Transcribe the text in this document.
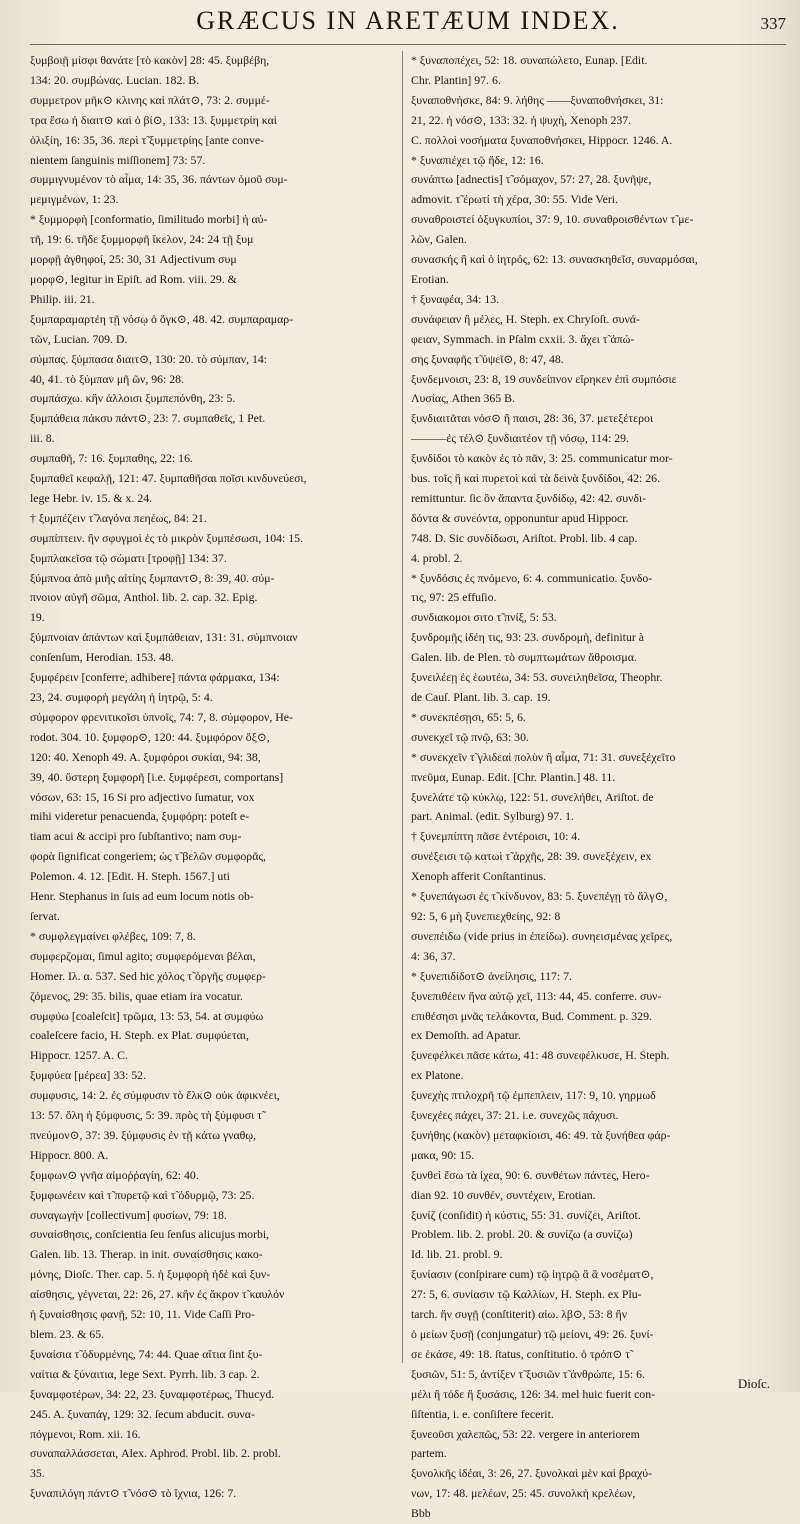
GRÆCUS IN ARETÆUM INDEX.	337
ξυμβοιῇ μίσφι θανάτε [τὸ κακὸν] 28: 45. ξυμβέβη,
134: 20. συμβώνας. Lucian. 182. B.
συμμετρον μῆκ⊙ κλινης καὶ πλάτ⊙, 73: 2. συμμέ-
τρα ἔσω ἡ διαιτ⊙ καὶ ὁ βί⊙, 133: 13. ξυμμετρίη καὶ
ὀλιξίη, 16: 35, 36. περὶ τ̃ ξυμμετρίης [ante conve-
nientem ſanguinis miſſionem] 73: 57.
συμμιγνυμένον τὸ αἷμα, 14: 35, 36. πάντων ὁμοῦ συμ-
μεμιγμένων, 1: 23.
* ξυμμορφὴ [conformatio, ſimilitudo morbi] ἡ αὐ-
τῆ, 19: 6. τῆδε ξυμμορφῆ ἴκελον, 24: 24 τῇ ξυμ
μορφῇ ἀγθηφοί, 25: 30, 31 Adjectivum συμ
μορφ⊙, legitur in Epiſt. ad Rom. viii. 29. &
Philip. iii. 21.
ξυμπαραμαρτέη τῇ νόσῳ ὁ ὄγκ⊙, 48. 42. συμπαραμαρ-
τῶν, Lucian. 709. D.
σύμπας. ξύμπασα διαιτ⊙, 130: 20. τὸ σύμπαν, 14:
40, 41. τὸ ξύμπαν μῆ ῶν, 96: 28.
συμπάσχω. κἢν ἀλλοισι ξυμπεπόνθη, 23: 5.
ξυμπάθεια πάκσυ πάντ⊙, 23: 7. συμπαθεῖς, 1 Pet.
iii. 8.
συμπαθῆ, 7: 16. ξυμπαθης, 22: 16.
ξυμπαθεῖ κεφαλῇ, 121: 47. ξυμπαθῆσαι ποῖσι κινδυνεύεσι,
lege Hebr. iv. 15. & x. 24.
† ξυμπέζειν τ̃ λαγόνα πεηέως, 84: 21.
συμπίπτειν. ἢν σφυγμοὶ ἐς τὸ μικρὸν ξυμπέσωσι, 104: 15.
ξυμπλακεῖσα τῷ σώματι [τροφῇ] 134: 37.
ξύμπνοα ἀπὸ μιῆς αἰτίης ξυμπαντ⊙, 8: 39, 40. σύμ-
πνοιον αὐγῆ σῶμα, Anthol. lib. 2. cap. 32. Epig.
19.
ξύμπνοιαν ἁπάντων καὶ ξυμπάθειαν, 131: 31. σύμπνοιαν
conſenſum, Herodian. 153. 48.
ξυμφέρειν [conferre, adhibere] πάντα φάρμακα, 134:
23, 24. συμφορὴ μεγάλη ἡ ἰητρῷ, 5: 4.
σύμφορον φρενιτικοῖσι ὑπνοῖς, 74: 7, 8. σύμφορον, He-
rodot. 304. 10. ξυμφορ⊙, 120: 44. ξυμφόρον ὄξ⊙,
120: 40. Xenoph 49. A. ξυμφόροι συκίαι, 94: 38,
39, 40. ὕστερη ξυμφορῆ [i.e. ξυμφέρεσι, comportans]
νόσων, 63: 15, 16 Si pro adjectivo ſumatur, vox
mihi videretur penacuenda, ξυμφόρη: poteſt e-
tiam acui & accipi pro ſubſtantivo; nam συμ-
φορὰ ſignificat congeriem; ὡς τ̃ βελῶν συμφορᾶς,
Polemon. 4. 12. [Edit. H. Steph. 1567.] uti
Henr. Stephanus in ſuis ad eum locum notis ob-
ſervat.
* συμφλεγμαίνει φλέβες, 109: 7, 8.
συμφερζομαι, ſimul agito; συμφερόμεναι βέλαι,
Homer. Iλ. α. 537. Sed hic χόλος τ̃ ὀργῆς συμφερ-
ζόμενος, 29: 35. bilis, quae etiam ira vocatur.
συμφύω [coaleſcit] τρῶμα, 13: 53, 54. at συμφύω
coaleſcere facio, H. Steph. ex Plat. συμφύεται,
Hippocr. 1257. A. C.
ξυμφύεα [μέρεα] 33: 52.
συμφυσις, 14: 2. ἐς σύμφυσιν τὸ ἕλκ⊙ οὐκ ἀφικνέει,
13: 57. ὅλη ἡ ξύμφυσις, 5: 39. πρὸς τὴ ξύμφυσι τ̃
πνεύμον⊙, 37: 39. ξύμφυσις ἐν τῇ κάτω γναθῳ,
Hippocr. 800. A.
ξυμφων⊙ γνῆα αἱμοῤῥαγίη, 62: 40.
ξυμφωνέειν καὶ τ̃ πυρετῷ καὶ τ̃ ὀδυρμῷ, 73: 25.
συναγωγὴν [collectivum] φυσίων, 79: 18.
συναίσθησις, conſcientia ſeu ſenſus alicujus morbi,
Galen. lib. 13. Therap. in init. συναίσθησις κακο-
μόνης, Dioſc. Ther. cap. 5. ἡ ξυμφορὴ ἠδὲ καὶ ξυν-
αίσθησις, γέγνεται, 22: 26, 27. κἢν ἐς ἄκρον τ̃ καυλόν
ἡ ξυναίσθησις φανῇ, 52: 10, 11. Vide Caſſi Pro-
blem. 23. & 65.
ξυναίσια τ̃ ὀδυρμένης, 74: 44. Quae αἴτια ſint ξυ-
ναίτια & ξύναιτια, lege Sext. Pyrrh. lib. 3 cap. 2.
ξυναμφοτέρων, 34: 22, 23. ξυναμφοτέρως, Thucyd.
245. A. ξυναπάγ, 129: 32. ſecum abducit. συνα-
πόγμενοι, Rom. xii. 16.
συναπαλλάσσεται, Alex. Aphrod. Probl. lib. 2. probl.
35.
ξυναπιλόγη πάντ⊙ τ̃ νόσ⊙ τὸ ἴχνια, 126: 7.
* ξυναποπέχει, 52: 18. συναπώλετο, Eunap. [Edit.
Chr. Plantin] 97. 6.
ξυναποθνήσκε, 84: 9. λήθης ——ξυναποθνήσκει, 31:
21, 22. ἡ νόσ⊙, 133: 32. ἡ ψυχὴ, Xenoph 237.
C. πολλοὶ νοσήματα ξυναποθνήσκει, Hippocr. 1246. A.
* ξυναπιέχει τῷ ἥδε, 12: 16.
συνάπτω [adnectis] τ̃ σόμαχον, 57: 27, 28. ξυνῆψε,
admovit. τ̃ ἐρωτί τὴ χέρα, 30: 55. Vide Veri.
συναθροιστεί ὀξυγκυπίοι, 37: 9, 10. συναθροισθέντων τ̃ με-
λῶν, Galen.
συνασκής ἢ καὶ ὁ ἰητρός, 62: 13. συνασκηθεῖσ, συναρμόσαι,
Erotian.
† ξυναφέα, 34: 13.
συνάφειαν ἢ μέλες, H. Steph. ex Chryſoſt. συνά-
φειαν, Symmach. in Pſalm cxxii. 3. ἄχει τ̃ ἀπώ-
σης ξυναφῆς τ̃ ὑψεῖ⊙, 8: 47, 48.
ξυνδεμνοισι, 23: 8, 19 συνδείπνον εἴρηκεν ἐπὶ συμπόσιε
Λυσίας, Athen 365 B.
ξυνδιαιτᾶται νόσ⊙ ἢ παισι, 28: 36, 37. μετεξέτεροι
———ἐς τέλ⊙ ξυνδιαιτέον τῇ νόσῳ, 114: 29.
ξυνδίδοι τὸ κακὸν ἐς τὸ πᾶν, 3: 25. communicatur mor-
bus. τοῖς ἢ καὶ πυρετοὶ καὶ τὰ δεινὰ ξυνδίδοι, 42: 26.
remittuntur. ſic ὃν ἄπαντα ξυνδίδῳ, 42: 42. συνδι-
δόντα & συνεόντα, opponuntur apud Hippocr.
748. D. Sic συνδίδωσι, Ariſtot. Probl. lib. 4 cap.
4. probl. 2.
* ξυνδόσις ἐς πνόμενο, 6: 4. communicatio. ξυνδο-
τις, 97: 25 effuſio.
συνδιακομοι σιτο τ̃ πνίξ, 5: 53.
ξυνδρομῆς ἰδέη τις, 93: 23. συνδρομὴ, definitur à
Galen. lib. de Plen. τὸ συμπτωμάτων ἄθροισμα.
ξυνειλέεῃ ἐς ἑωυτέω, 34: 53. συνειληθεῖσα, Theophr.
de Cauſ. Plant. lib. 3. cap. 19.
* συνεκπέσῃσι, 65: 5, 6.
συνεκχεῖ τῷ πνῷ, 63: 30.
* συνεκχεῖν τ̃ γλιδεαὶ πολὺν ἢ αἷμα, 71: 31. συνεξέχεῖτο
πνεῦμα, Eunap. Edit. [Chr. Plantin.] 48. 11.
ξυνελάτε τῷ κύκλῳ, 122: 51. συνελήθει, Ariſtot. de
part. Animal. (edit. Sylburg) 97. 1.
† ξυνεμπίπτη πᾶσε ἐντέροισι, 10: 4.
συνέξεισι τῷ κατωὶ τ̃ ἀρχῆς, 28: 39. συνεξέχειν, ex
Xenoph afferit Conſtantinus.
* ξυνεπάγωσι ἐς τ̃ κίνδυνον, 83: 5. ξυνεπέγῃ τὸ ἄλγ⊙,
92: 5, 6 μὴ ξυνεπιεχθείης, 92: 8
συνεπέιδω (vide prius in ἐπείδω). συνηεισμένας χεῖρες,
4: 36, 37.
* ξυνεπιδίδοτ⊙ ἀνείλησις, 117: 7.
ξυνεπιθέειν ἤνα αὐτῷ χεῖ, 113: 44, 45. conferre. συν-
επιθέσησι μνᾶς τελάκοντα, Bud. Comment. p. 329.
ex Demoſth. ad Apatur.
ξυνεφέλκει πᾶσε κάτω, 41: 48 συνεφέλκυσε, H. Steph.
ex Platone.
ξυνεχὴς πτιλοχρῆ τῷ ἐμπεπλειν, 117: 9, 10. γηρμωδ
ξυνεχέες πάχει, 37: 21. i.e. συνεχῶς πάχυσι.
ξυνήθης (κακὸν) μεταφκίοισι, 46: 49. τὰ ξυνήθεα φάρ-
μακα, 90: 15.
ξυνθεὶ ἔσω τὰ ἰχεα, 90: 6. συνθέτων πάντες, Hero-
dian 92. 10 συνθέν, συντέχειν, Erotian.
ξυνίζ (conſidit) ἡ κύστις, 55: 31. συνίζει, Ariſtot.
Problem. lib. 2. probl. 20. & συνίζω (a συνίζω)
Id. lib. 21. probl. 9.
ξυνίασιν (conſpirare cum) τῷ ἰητρῷ ἃ ἃ νοσέματ⊙,
27: 5, 6. συνίασιν τῷ Καλλίων, H. Steph. ex Plu-
tarch. ἢν συγῇ (conſtiterit) αἰω. λβ⊙, 53: 8 ἢν
ὁ μείων ξυσῇ (conjungatur) τῷ μείονι, 49: 26. ξυνί-
σε ἑκάσε, 49: 18. ſtatus, conſtitutio. ὁ τρόπ⊙ τ̃
ξυσιῶν, 51: 5, ἀντίξεν τ̃ ξυσιῶν τ̃ ἀνθρώπε, 15: 6.
μέλι ἢ τόδε ἢ ξυσάσις, 126: 34. mel huic fuerit con-
ſiſtentia, i. e. conſiſtere fecerit.
ξυνεοῦσι χαλεπῶς, 53: 22. vergere in anteriorem
partem.
ξυνολκῆς ἰδέαι, 3: 26, 27. ξυνολκαὶ μὲν καὶ βραχύ-
νων, 17: 48. μελέων, 25: 45. συνολκὴ κρελέων,
Bbb
Dioſc.
